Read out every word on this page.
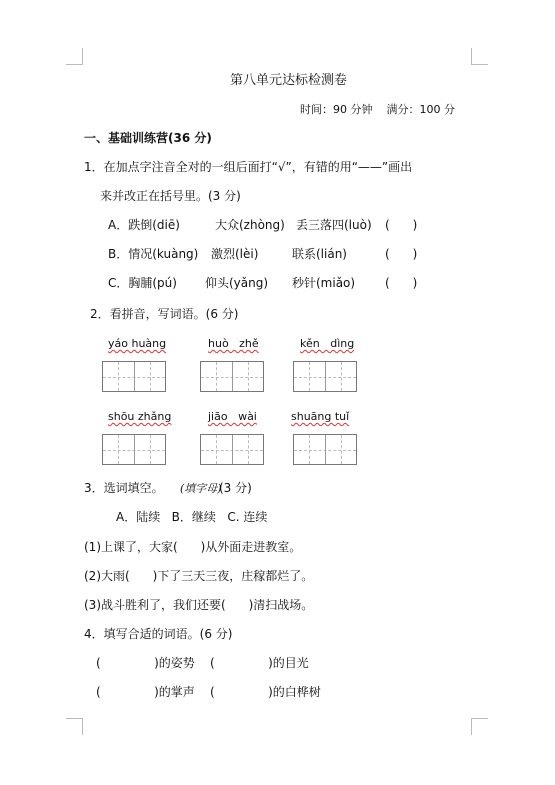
第八单元达标检测卷
时间：90 分钟    满分：100 分
一、基础训练营(36 分)
1．在加点字注音全对的一组后面打“√”，有错的用“——”画出
来并改正在括号里。(3 分)
A．跌倒(diē)	大众(zhòng) 丢三落四(luò) (      )
B．情况(kuàng) 激烈(lèi)	联系(lián)	(      )
C．胸脯(pú) 仰头(yǎng) 秒针(miǎo) (      )
2．看拼音，写词语。(6 分)
yáo huàng	huò   zhě	kěn   dìng
shōu zhǎng	jiāo   wài	shuāng tuǐ
3．选词填空。 (填字母)
(3 分)
A．陆续   B．继续   C. 连续
(1)上课了，大家(      )从外面走进教室。
(2)大雨(      )下了三天三夜，庄稼都烂了。
(3)战斗胜利了，我们还要(      )清扫战场。
4．填写合适的词语。(6 分)
(              )的姿势 (              )的目光
(              )的掌声 (              )的白桦树
